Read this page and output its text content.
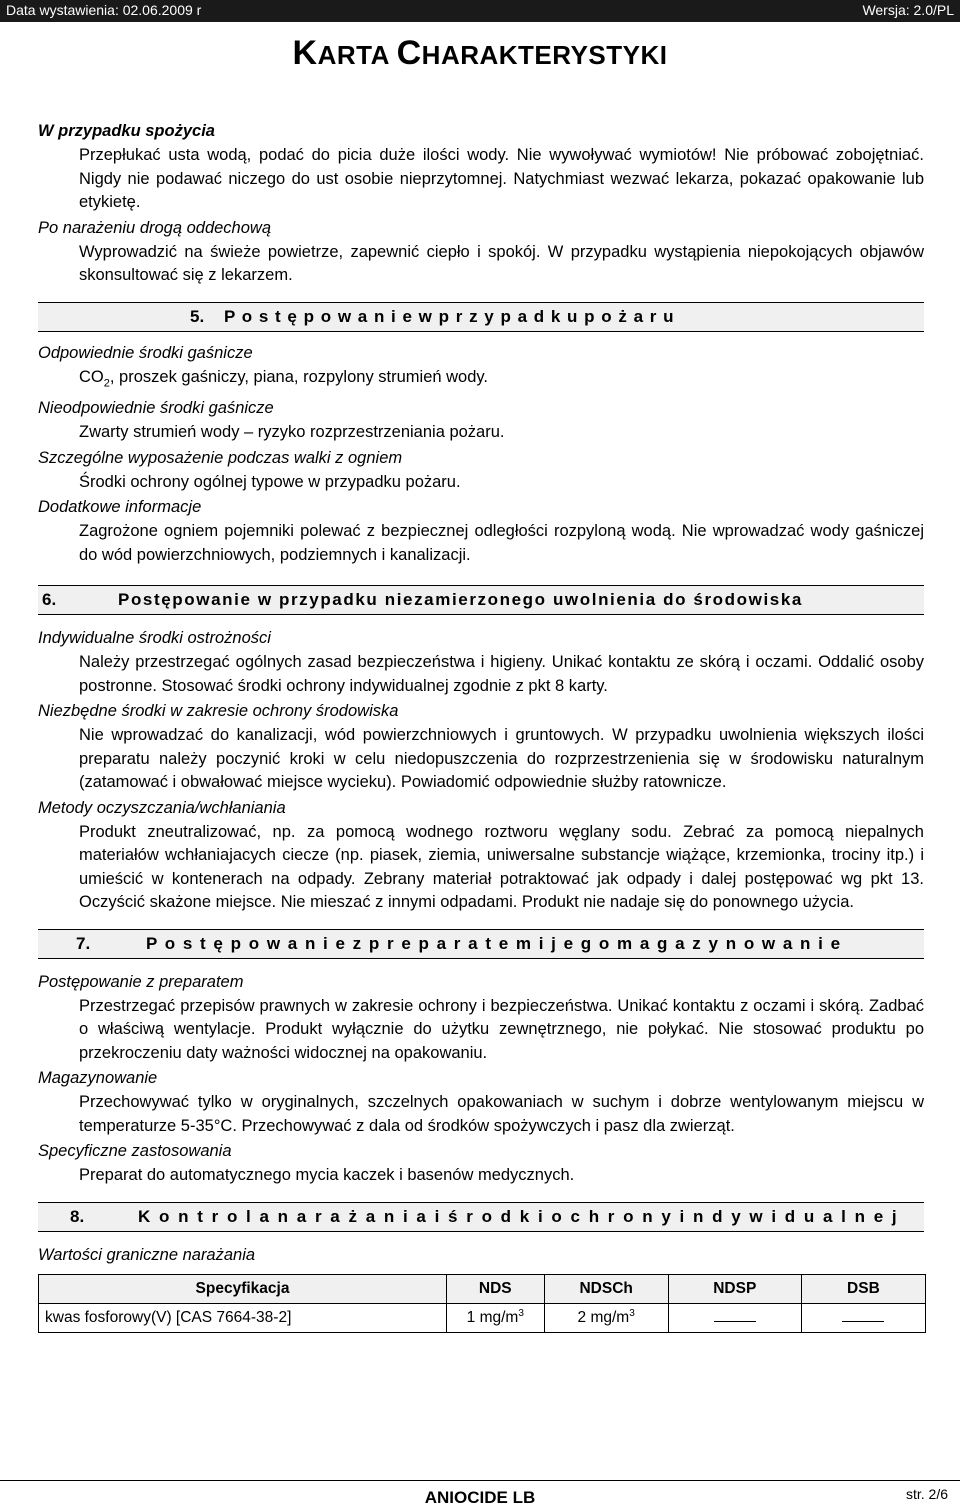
Data wystawienia: 02.06.2009 r	Wersja: 2.0/PL
KARTA CHARAKTERYSTYKI
W przypadku spożycia
Przepłukać usta wodą, podać do picia duże ilości wody. Nie wywoływać wymiotów! Nie próbować zobojętniać. Nigdy nie podawać niczego do ust osobie nieprzytomnej. Natychmiast wezwać lekarza, pokazać opakowanie lub etykietę.
Po narażeniu drogą oddechową
Wyprowadzić na świeże powietrze, zapewnić ciepło i spokój. W przypadku wystąpienia niepokojących objawów skonsultować się z lekarzem.
5. P o s t ę p o w a n i e w p r z y p a d k u p o ż a r u
Odpowiednie środki gaśnicze
$CO_2$, proszek gaśniczy, piana, rozpylony strumień wody.
Nieodpowiednie środki gaśnicze
Zwarty strumień wody – ryzyko rozprzestrzeniania pożaru.
Szczególne wyposażenie podczas walki z ogniem
Środki ochrony ogólnej typowe w przypadku pożaru.
Dodatkowe informacje
Zagrożone ogniem pojemniki polewać z bezpiecznej odległości rozpyloną wodą. Nie wprowadzać wody gaśniczej do wód powierzchniowych, podziemnych i kanalizacji.
6.	Postępowanie w przypadku niezamierzonego uwolnienia do środowiska
Indywidualne środki ostrożności
Należy przestrzegać ogólnych zasad bezpieczeństwa i higieny. Unikać kontaktu ze skórą i oczami. Oddalić osoby postronne. Stosować środki ochrony indywidualnej zgodnie z pkt 8 karty.
Niezbędne środki w zakresie ochrony środowiska
Nie wprowadzać do kanalizacji, wód powierzchniowych i gruntowych. W przypadku uwolnienia większych ilości preparatu należy poczynić kroki w celu niedopuszczenia do rozprzestrzenienia się w środowisku naturalnym (zatamować i obwałować miejsce wycieku). Powiadomić odpowiednie służby ratownicze.
Metody oczyszczania/wchłaniania
Produkt zneutralizować, np. za pomocą wodnego roztworu węglany sodu. Zebrać za pomocą niepalnych materiałów wchłaniajacych ciecze (np. piasek, ziemia, uniwersalne substancje wiążące, krzemionka, trociny itp.) i umieścić w kontenerach na odpady. Zebrany materiał potraktować jak odpady i dalej postępować wg pkt 13. Oczyścić skażone miejsce. Nie mieszać z innymi odpadami. Produkt nie nadaje się do ponownego użycia.
7.	P o s t ę p o w a n i e z p r e p a r a t e m i j e g o m a g a z y n o w a n i e
Postępowanie z preparatem
Przestrzegać przepisów prawnych w zakresie ochrony i bezpieczeństwa. Unikać kontaktu z oczami i skórą. Zadbać o właściwą wentylacje. Produkt wyłącznie do użytku zewnętrznego, nie połykać. Nie stosować produktu po przekroczeniu daty ważności widocznej na opakowaniu.
Magazynowanie
Przechowywać tylko w oryginalnych, szczelnych opakowaniach w suchym i dobrze wentylowanym miejscu w temperaturze 5-35°C. Przechowywać z dala od środków spożywczych i pasz dla zwierząt.
Specyficzne zastosowania
Preparat do automatycznego mycia kaczek i basenów medycznych.
8.	K o n t r o l a n a r a ż a n i a i ś r o d k i o c h r o n y i n d y w i d u a l n e j
Wartości graniczne narażania
Specyfikacja	NDS	NDSCh	NDSP	DSB
kwas fosforowy(V) [CAS 7664-38-2]	1 $mg/m^3$	2 $mg/m^3$		
ANIOCIDE LB	str. 2/6
